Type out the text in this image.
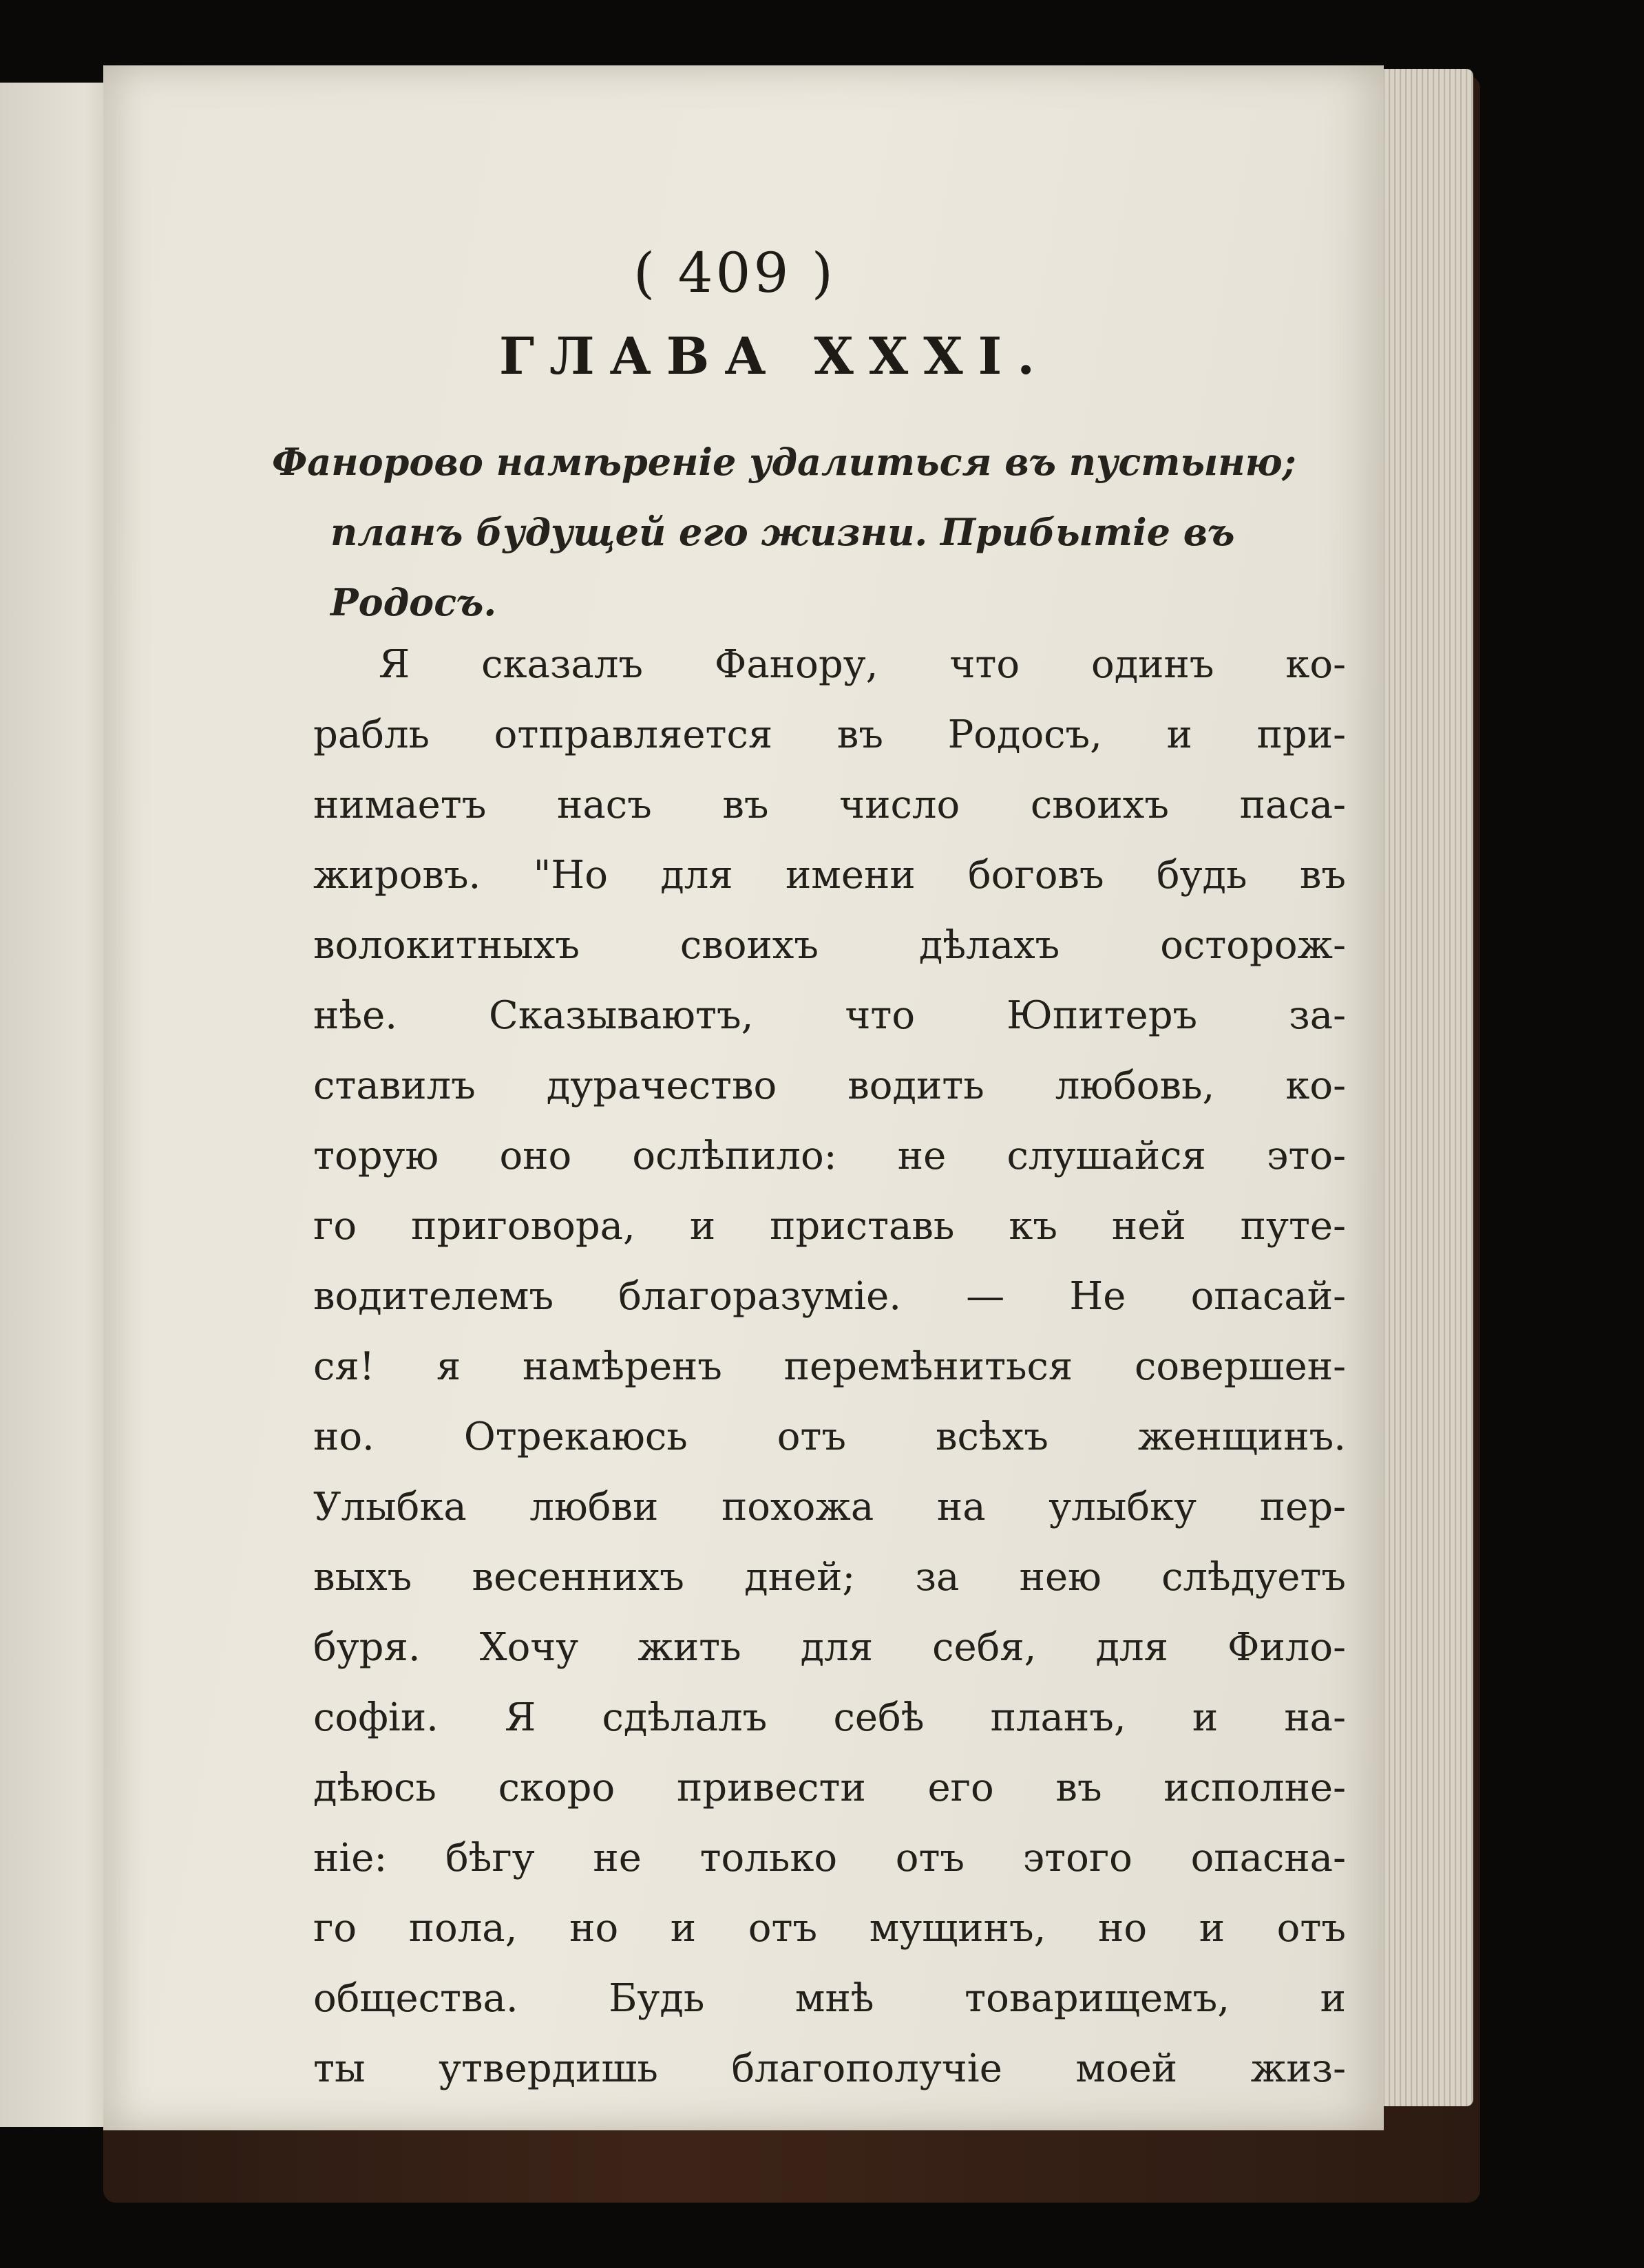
( 409 )
ГЛАВА XXXI.
Фанорово намѣреніе удалиться въ пустыню;
планъ будущей его жизни. Прибытіе въ
Родосъ.
Я сказалъ Фанору, что одинъ ко-
рабль отправляется въ Родосъ, и при-
нимаетъ насъ въ число своихъ паса-
жировъ. "Но для имени боговъ будь въ
волокитныхъ своихъ дѣлахъ осторож-
нѣе. Сказываютъ, что Юпитеръ за-
ставилъ дурачество водить любовь, ко-
торую оно ослѣпило: не слушайся это-
го приговора, и приставь къ ней путе-
водителемъ благоразуміе. — Не опасай-
ся! я намѣренъ перемѣниться совершен-
но. Отрекаюсь отъ всѣхъ женщинъ.
Улыбка любви похожа на улыбку пер-
выхъ весеннихъ дней; за нею слѣдуетъ
буря. Хочу жить для себя, для Фило-
софіи. Я сдѣлалъ себѣ планъ, и на-
дѣюсь скоро привести его въ исполне-
ніе: бѣгу не только отъ этого опасна-
го пола, но и отъ мущинъ, но и отъ
общества. Будь мнѣ товарищемъ, и
ты утвердишь благополучіе моей жиз-
